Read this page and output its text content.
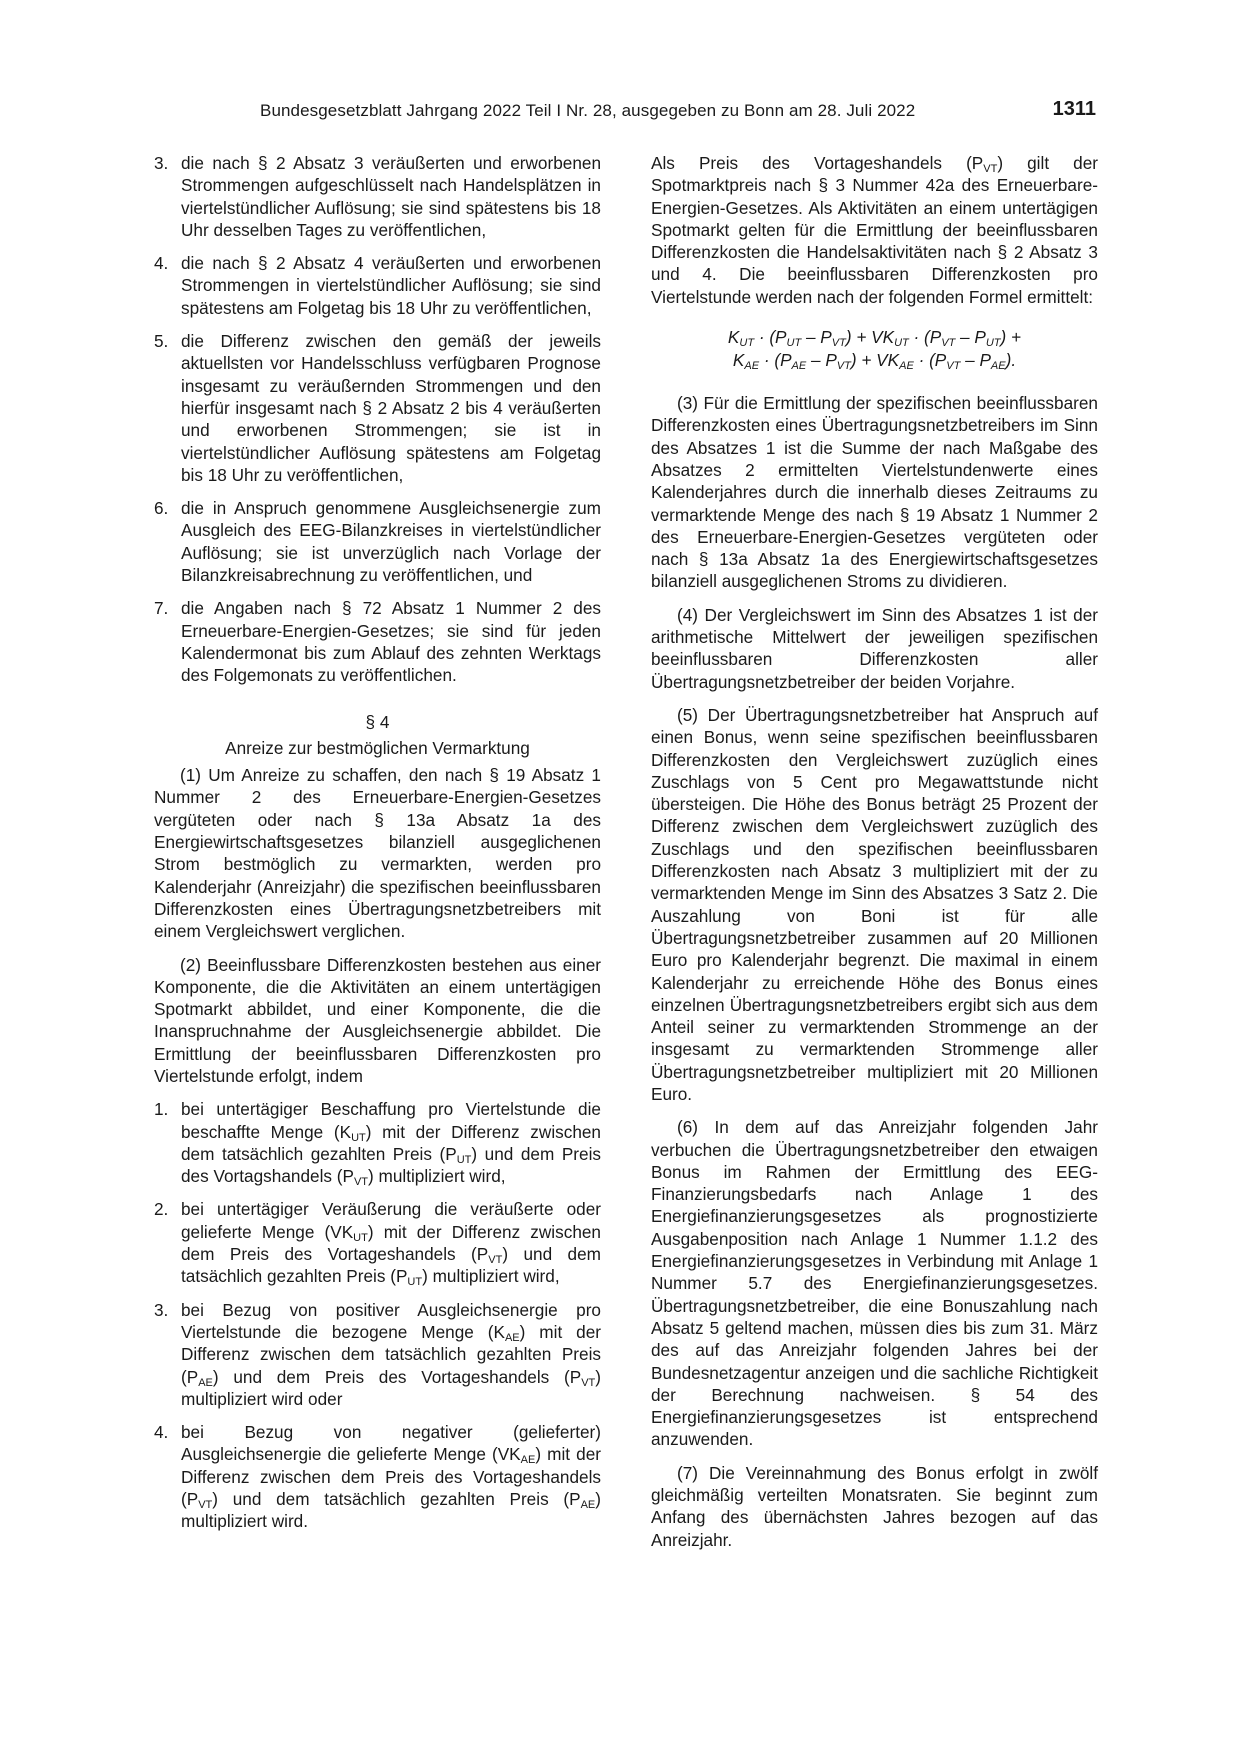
Bundesgesetzblatt Jahrgang 2022 Teil I Nr. 28, ausgegeben zu Bonn am 28. Juli 2022	1311
3. die nach § 2 Absatz 3 veräußerten und erworbenen Strommengen aufgeschlüsselt nach Handelsplätzen in viertelstündlicher Auflösung; sie sind spätestens bis 18 Uhr desselben Tages zu veröffentlichen,
4. die nach § 2 Absatz 4 veräußerten und erworbenen Strommengen in viertelstündlicher Auflösung; sie sind spätestens am Folgetag bis 18 Uhr zu veröffentlichen,
5. die Differenz zwischen den gemäß der jeweils aktuellsten vor Handelsschluss verfügbaren Prognose insgesamt zu veräußernden Strommengen und den hierfür insgesamt nach § 2 Absatz 2 bis 4 veräußerten und erworbenen Strommengen; sie ist in viertelstündlicher Auflösung spätestens am Folgetag bis 18 Uhr zu veröffentlichen,
6. die in Anspruch genommene Ausgleichsenergie zum Ausgleich des EEG-Bilanzkreises in viertelstündlicher Auflösung; sie ist unverzüglich nach Vorlage der Bilanzkreisabrechnung zu veröffentlichen, und
7. die Angaben nach § 72 Absatz 1 Nummer 2 des Erneuerbare-Energien-Gesetzes; sie sind für jeden Kalendermonat bis zum Ablauf des zehnten Werktags des Folgemonats zu veröffentlichen.
§ 4
Anreize zur bestmöglichen Vermarktung
(1) Um Anreize zu schaffen, den nach § 19 Absatz 1 Nummer 2 des Erneuerbare-Energien-Gesetzes vergüteten oder nach § 13a Absatz 1a des Energiewirtschaftsgesetzes bilanziell ausgeglichenen Strom bestmöglich zu vermarkten, werden pro Kalenderjahr (Anreizjahr) die spezifischen beeinflussbaren Differenzkosten eines Übertragungsnetzbetreibers mit einem Vergleichswert verglichen.
(2) Beeinflussbare Differenzkosten bestehen aus einer Komponente, die die Aktivitäten an einem untertägigen Spotmarkt abbildet, und einer Komponente, die die Inanspruchnahme der Ausgleichsenergie abbildet. Die Ermittlung der beeinflussbaren Differenzkosten pro Viertelstunde erfolgt, indem
1. bei untertägiger Beschaffung pro Viertelstunde die beschaffte Menge $(K_{UT})$ mit der Differenz zwischen dem tatsächlich gezahlten Preis $(P_{UT})$ und dem Preis des Vortagshandels $(P_{VT})$ multipliziert wird,
2. bei untertägiger Veräußerung die veräußerte oder gelieferte Menge $(VK_{UT})$ mit der Differenz zwischen dem Preis des Vortageshandels $(P_{VT})$ und dem tatsächlich gezahlten Preis $(P_{UT})$ multipliziert wird,
3. bei Bezug von positiver Ausgleichsenergie pro Viertelstunde die bezogene Menge $(K_{AE})$ mit der Differenz zwischen dem tatsächlich gezahlten Preis $(P_{AE})$ und dem Preis des Vortageshandels $(P_{VT})$ multipliziert wird oder
4. bei Bezug von negativer (gelieferter) Ausgleichsenergie die gelieferte Menge $(VK_{AE})$ mit der Differenz zwischen dem Preis des Vortageshandels $(P_{VT})$ und dem tatsächlich gezahlten Preis $(P_{AE})$ multipliziert wird.
Als Preis des Vortageshandels $(P_{VT})$ gilt der Spotmarktpreis nach § 3 Nummer 42a des Erneuerbare-Energien-Gesetzes. Als Aktivitäten an einem untertägigen Spotmarkt gelten für die Ermittlung der beeinflussbaren Differenzkosten die Handelsaktivitäten nach § 2 Absatz 3 und 4. Die beeinflussbaren Differenzkosten pro Viertelstunde werden nach der folgenden Formel ermittelt:
$K_{UT} \cdot (P_{UT} - P_{VT}) + VK_{UT} \cdot (P_{VT} - P_{UT})$ +
$K_{AE} \cdot (P_{AE} - P_{VT}) + VK_{AE} \cdot (P_{VT} - P_{AE})$.
(3) Für die Ermittlung der spezifischen beeinflussbaren Differenzkosten eines Übertragungsnetzbetreibers im Sinn des Absatzes 1 ist die Summe der nach Maßgabe des Absatzes 2 ermittelten Viertelstundenwerte eines Kalenderjahres durch die innerhalb dieses Zeitraums zu vermarktende Menge des nach § 19 Absatz 1 Nummer 2 des Erneuerbare-Energien-Gesetzes vergüteten oder nach § 13a Absatz 1a des Energiewirtschaftsgesetzes bilanziell ausgeglichenen Stroms zu dividieren.
(4) Der Vergleichswert im Sinn des Absatzes 1 ist der arithmetische Mittelwert der jeweiligen spezifischen beeinflussbaren Differenzkosten aller Übertragungsnetzbetreiber der beiden Vorjahre.
(5) Der Übertragungsnetzbetreiber hat Anspruch auf einen Bonus, wenn seine spezifischen beeinflussbaren Differenzkosten den Vergleichswert zuzüglich eines Zuschlags von 5 Cent pro Megawattstunde nicht übersteigen. Die Höhe des Bonus beträgt 25 Prozent der Differenz zwischen dem Vergleichswert zuzüglich des Zuschlags und den spezifischen beeinflussbaren Differenzkosten nach Absatz 3 multipliziert mit der zu vermarktenden Menge im Sinn des Absatzes 3 Satz 2. Die Auszahlung von Boni ist für alle Übertragungsnetzbetreiber zusammen auf 20 Millionen Euro pro Kalenderjahr begrenzt. Die maximal in einem Kalenderjahr zu erreichende Höhe des Bonus eines einzelnen Übertragungsnetzbetreibers ergibt sich aus dem Anteil seiner zu vermarktenden Strommenge an der insgesamt zu vermarktenden Strommenge aller Übertragungsnetzbetreiber multipliziert mit 20 Millionen Euro.
(6) In dem auf das Anreizjahr folgenden Jahr verbuchen die Übertragungsnetzbetreiber den etwaigen Bonus im Rahmen der Ermittlung des EEG-Finanzierungsbedarfs nach Anlage 1 des Energiefinanzierungsgesetzes als prognostizierte Ausgabenposition nach Anlage 1 Nummer 1.1.2 des Energiefinanzierungsgesetzes in Verbindung mit Anlage 1 Nummer 5.7 des Energiefinanzierungsgesetzes. Übertragungsnetzbetreiber, die eine Bonuszahlung nach Absatz 5 geltend machen, müssen dies bis zum 31. März des auf das Anreizjahr folgenden Jahres bei der Bundesnetzagentur anzeigen und die sachliche Richtigkeit der Berechnung nachweisen. § 54 des Energiefinanzierungsgesetzes ist entsprechend anzuwenden.
(7) Die Vereinnahmung des Bonus erfolgt in zwölf gleichmäßig verteilten Monatsraten. Sie beginnt zum Anfang des übernächsten Jahres bezogen auf das Anreizjahr.
